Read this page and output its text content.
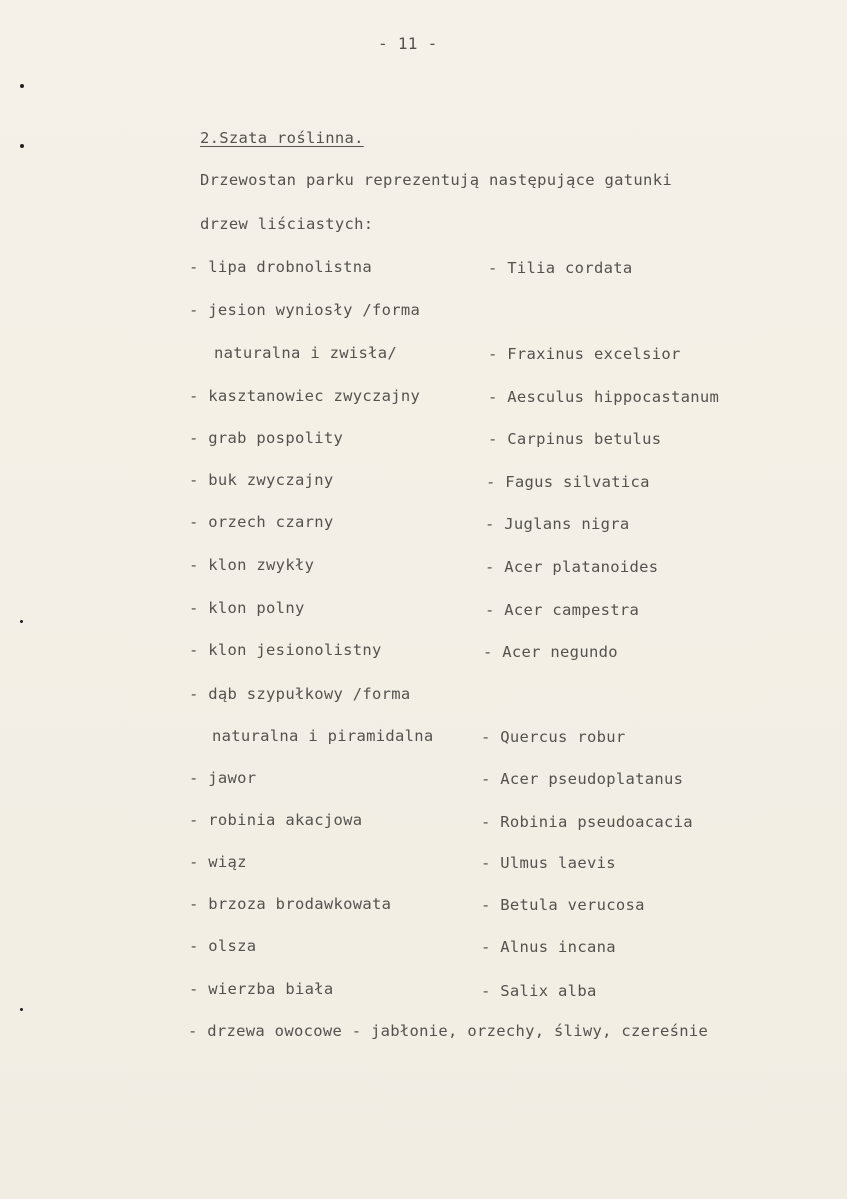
- 11 -
2.Szata roślinna.
Drzewostan parku reprezentują następujące gatunki
drzew liściastych:
- lipa drobnolistna	- Tilia cordata
- jesion wyniosły /forma
naturalna i zwisła/	- Fraxinus excelsior
- kasztanowiec zwyczajny	- Aesculus hippocastanum
- grab pospolity	- Carpinus betulus
- buk zwyczajny	- Fagus silvatica
- orzech czarny	- Juglans nigra
- klon zwykły	- Acer platanoides
- klon polny	- Acer campestra
- klon jesionolistny	- Acer negundo
- dąb szypułkowy /forma
naturalna i piramidalna	- Quercus robur
- jawor	- Acer pseudoplatanus
- robinia akacjowa	- Robinia pseudoacacia
- wiąz	- Ulmus laevis
- brzoza brodawkowata	- Betula verucosa
- olsza	- Alnus incana
- wierzba biała	- Salix alba
- drzewa owocowe - jabłonie, orzechy, śliwy, czereśnie
